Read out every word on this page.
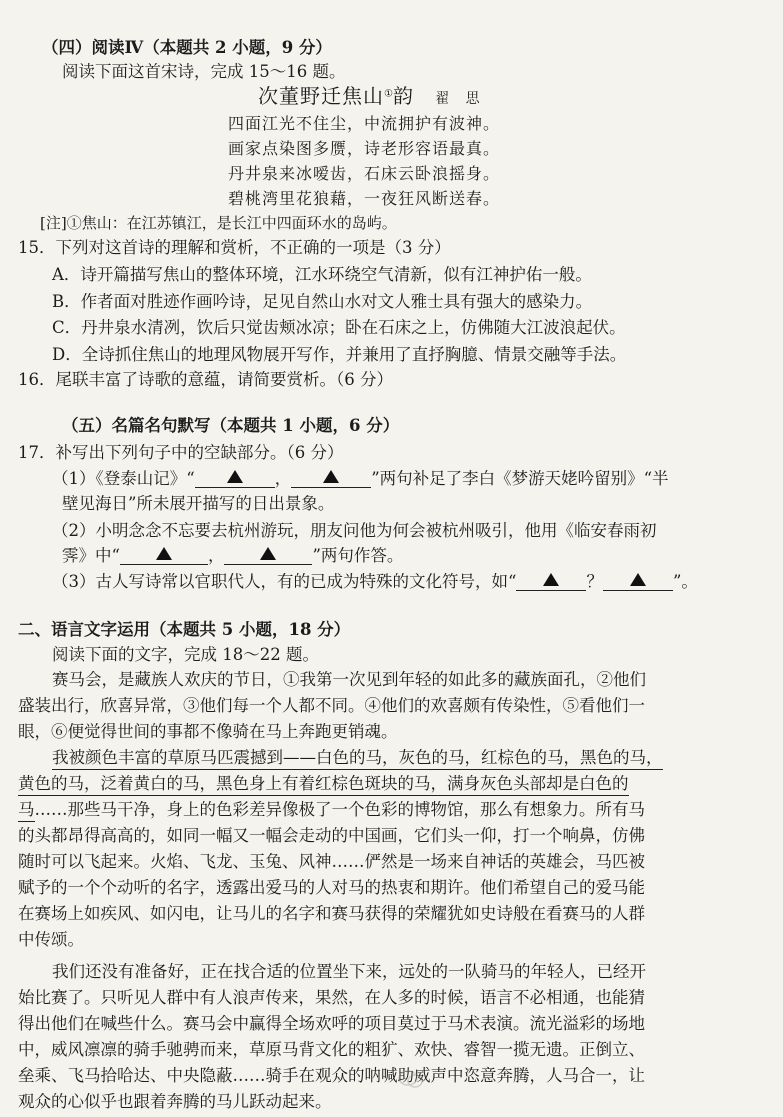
（四）阅读Ⅳ（本题共 2 小题，9 分）
阅读下面这首宋诗，完成 15～16 题。
次董野迁焦山①韵 翟 思
四面江光不住尘，中流拥护有波神。
画家点染图多赝，诗老形容语最真。
丹井泉来冰嗳齿，石床云卧浪摇身。
碧桃湾里花狼藉，一夜狂风断送春。
[注]①焦山：在江苏镇江，是长江中四面环水的岛屿。
15．下列对这首诗的理解和赏析，不正确的一项是（3 分）
A．诗开篇描写焦山的整体环境，江水环绕空气清新，似有江神护佑一般。
B．作者面对胜迹作画吟诗，足见自然山水对文人雅士具有强大的感染力。
C．丹井泉水清冽，饮后只觉齿颊冰凉；卧在石床之上，仿佛随大江波浪起伏。
D．全诗抓住焦山的地理风物展开写作，并兼用了直抒胸臆、情景交融等手法。
16．尾联丰富了诗歌的意蕴，请简要赏析。（6 分）
（五）名篇名句默写（本题共 1 小题，6 分）
17．补写出下列句子中的空缺部分。（6 分）
（1）《登泰山记》“	，	”两句补足了李白《梦游天姥吟留别》“半
壁见海日”所未展开描写的日出景象。
（2）小明念念不忘要去杭州游玩，朋友问他为何会被杭州吸引，他用《临安春雨初
霁》中“	，	”两句作答。
（3）古人写诗常以官职代人，有的已成为特殊的文化符号，如“	？	”。
二、语言文字运用（本题共 5 小题，18 分）
阅读下面的文字，完成 18～22 题。
赛马会，是藏族人欢庆的节日，①我第一次见到年轻的如此多的藏族面孔，②他们
盛装出行，欣喜异常，③他们每一个人都不同。④他们的欢喜颇有传染性，⑤看他们一
眼，⑥便觉得世间的事都不像骑在马上奔跑更销魂。
我被颜色丰富的草原马匹震撼到——白色的马，灰色的马，红棕色的马，黑色的马，
黄色的马，泛着黄白的马，黑色身上有着红棕色斑块的马，满身灰色头部却是白色的
马……那些马干净，身上的色彩差异像极了一个色彩的博物馆，那么有想象力。所有马
的头都昂得高高的，如同一幅又一幅会走动的中国画，它们头一仰，打一个响鼻，仿佛
随时可以飞起来。火焰、飞龙、玉兔、风神……俨然是一场来自神话的英雄会，马匹被
赋予的一个个动听的名字，透露出爱马的人对马的热衷和期许。他们希望自己的爱马能
在赛场上如疾风、如闪电，让马儿的名字和赛马获得的荣耀犹如史诗般在看赛马的人群
中传颂。
我们还没有准备好，正在找合适的位置坐下来，远处的一队骑马的年轻人，已经开
始比赛了。只听见人群中有人浪声传来，果然，在人多的时候，语言不必相通，也能猜
得出他们在喊些什么。赛马会中赢得全场欢呼的项目莫过于马术表演。流光溢彩的场地
中，威风凛凛的骑手驰骋而来，草原马背文化的粗犷、欢快、睿智一揽无遗。正倒立、
垒乘、飞马拾哈达、中央隐蔽……骑手在观众的呐喊助威声中恣意奔腾，人马合一，让
观众的心似乎也跟着奔腾的马儿跃动起来。
